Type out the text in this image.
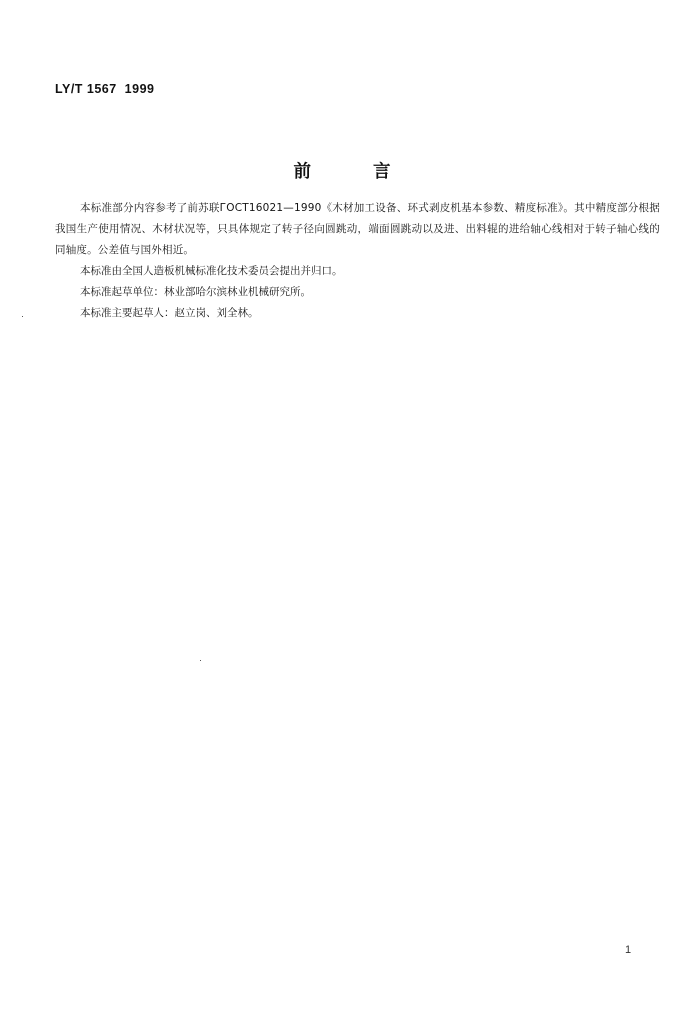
LY/T 1567  1999
前 言

本标准部分内容参考了前苏联ГОСТ16021—1990《木材加工设备、环式剥皮机基本参数、精度标准》。其中精度部分根据我国生产使用情况、木材状况等，只具体规定了转子径向圆跳动，端面圆跳动以及进、出料辊的进给轴心线相对于转子轴心线的同轴度。公差值与国外相近。

本标准由全国人造板机械标准化技术委员会提出并归口。

本标准起草单位：林业部哈尔滨林业机械研究所。

本标准主要起草人：赵立岗、刘全林。

1
